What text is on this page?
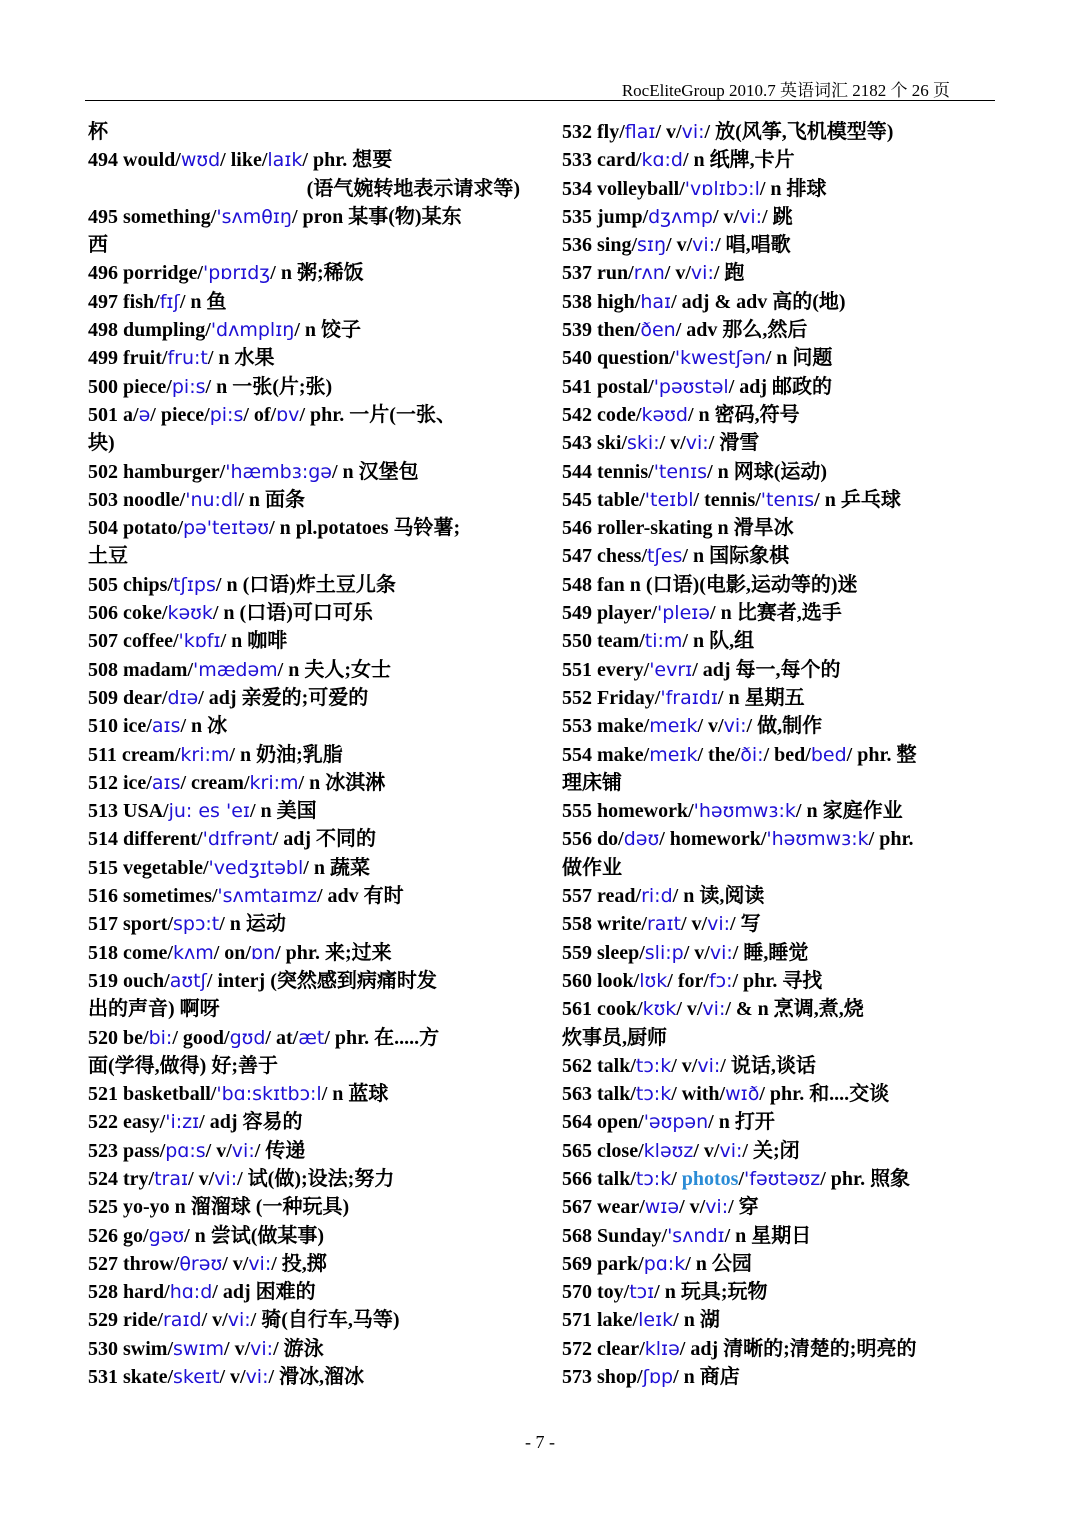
RocEliteGroup 2010.7 英语词汇 2182 个 26 页
杯
494 would/wʊd/ like/laɪk/ phr. 想要
(语气婉转地表示请求等)
495 something/'sʌmθɪŋ/ pron 某事(物)某东
西
496 porridge/'pɒrɪdʒ/ n 粥;稀饭
497 fish/fɪʃ/ n 鱼
498 dumpling/'dʌmplɪŋ/ n 饺子
499 fruit/fru:t/ n 水果
500 piece/pi:s/ n 一张(片;张)
501 a/ə/ piece/pi:s/ of/ɒv/ phr. 一片(一张、
块)
502 hamburger/'hæmbɜ:gə/ n 汉堡包
503 noodle/'nu:dl/ n 面条
504 potato/pə'teɪtəʊ/ n pl.potatoes 马铃薯;
土豆
505 chips/tʃɪps/ n (口语)炸土豆儿条
506 coke/kəʊk/ n (口语)可口可乐
507 coffee/'kɒfɪ/ n 咖啡
508 madam/'mædəm/ n 夫人;女士
509 dear/dɪə/ adj 亲爱的;可爱的
510 ice/aɪs/ n 冰
511 cream/kri:m/ n 奶油;乳脂
512 ice/aɪs/ cream/kri:m/ n 冰淇淋
513 USA/ju: es 'eɪ/ n 美国
514 different/'dɪfrənt/ adj 不同的
515 vegetable/'vedʒɪtəbl/ n 蔬菜
516 sometimes/'sʌmtaɪmz/ adv 有时
517 sport/spɔ:t/ n 运动
518 come/kʌm/ on/ɒn/ phr. 来;过来
519 ouch/aʊtʃ/ interj (突然感到病痛时发
出的声音) 啊呀
520 be/bi:/ good/gʊd/ at/æt/ phr. 在.....方
面(学得,做得) 好;善于
521 basketball/'bɑ:skɪtbɔ:l/ n 蓝球
522 easy/'i:zɪ/ adj 容易的
523 pass/pɑ:s/ v/vi:/ 传递
524 try/traɪ/ v/vi:/ 试(做);设法;努力
525 yo-yo n 溜溜球 (一种玩具)
526 go/gəʊ/ n 尝试(做某事)
527 throw/θrəʊ/ v/vi:/ 投,掷
528 hard/hɑ:d/ adj 困难的
529 ride/raɪd/ v/vi:/ 骑(自行车,马等)
530 swim/swɪm/ v/vi:/ 游泳
531 skate/skeɪt/ v/vi:/ 滑冰,溜冰
532 fly/flaɪ/ v/vi:/ 放(风筝,飞机模型等)
533 card/kɑ:d/ n 纸牌,卡片
534 volleyball/'vɒlɪbɔ:l/ n 排球
535 jump/dʒʌmp/ v/vi:/ 跳
536 sing/sɪŋ/ v/vi:/ 唱,唱歌
537 run/rʌn/ v/vi:/ 跑
538 high/haɪ/ adj & adv 高的(地)
539 then/ðen/ adv 那么,然后
540 question/'kwestʃən/ n 问题
541 postal/'pəʊstəl/ adj 邮政的
542 code/kəʊd/ n 密码,符号
543 ski/ski:/ v/vi:/ 滑雪
544 tennis/'tenɪs/ n 网球(运动)
545 table/'teɪbl/ tennis/'tenɪs/ n 乒乓球
546 roller-skating n 滑旱冰
547 chess/tʃes/ n 国际象棋
548 fan n (口语)(电影,运动等的)迷
549 player/'pleɪə/ n 比赛者,选手
550 team/ti:m/ n 队,组
551 every/'evrɪ/ adj 每一,每个的
552 Friday/'fraɪdɪ/ n 星期五
553 make/meɪk/ v/vi:/ 做,制作
554 make/meɪk/ the/ði:/ bed/bed/ phr. 整
理床铺
555 homework/'həʊmwɜ:k/ n 家庭作业
556 do/dəʊ/ homework/'həʊmwɜ:k/ phr.
做作业
557 read/ri:d/ n 读,阅读
558 write/raɪt/ v/vi:/ 写
559 sleep/sli:p/ v/vi:/ 睡,睡觉
560 look/lʊk/ for/fɔ:/ phr. 寻找
561 cook/kʊk/ v/vi:/ & n 烹调,煮,烧
炊事员,厨师
562 talk/tɔ:k/ v/vi:/ 说话,谈话
563 talk/tɔ:k/ with/wɪð/ phr. 和....交谈
564 open/'əʊpən/ n 打开
565 close/kləʊz/ v/vi:/ 关;闭
566 talk/tɔ:k/ photos/'fəʊtəʊz/ phr. 照象
567 wear/wɪə/ v/vi:/ 穿
568 Sunday/'sʌndɪ/ n 星期日
569 park/pɑ:k/ n 公园
570 toy/tɔɪ/ n 玩具;玩物
571 lake/leɪk/ n 湖
572 clear/klɪə/ adj 清晰的;清楚的;明亮的
573 shop/ʃɒp/ n 商店
- 7 -
